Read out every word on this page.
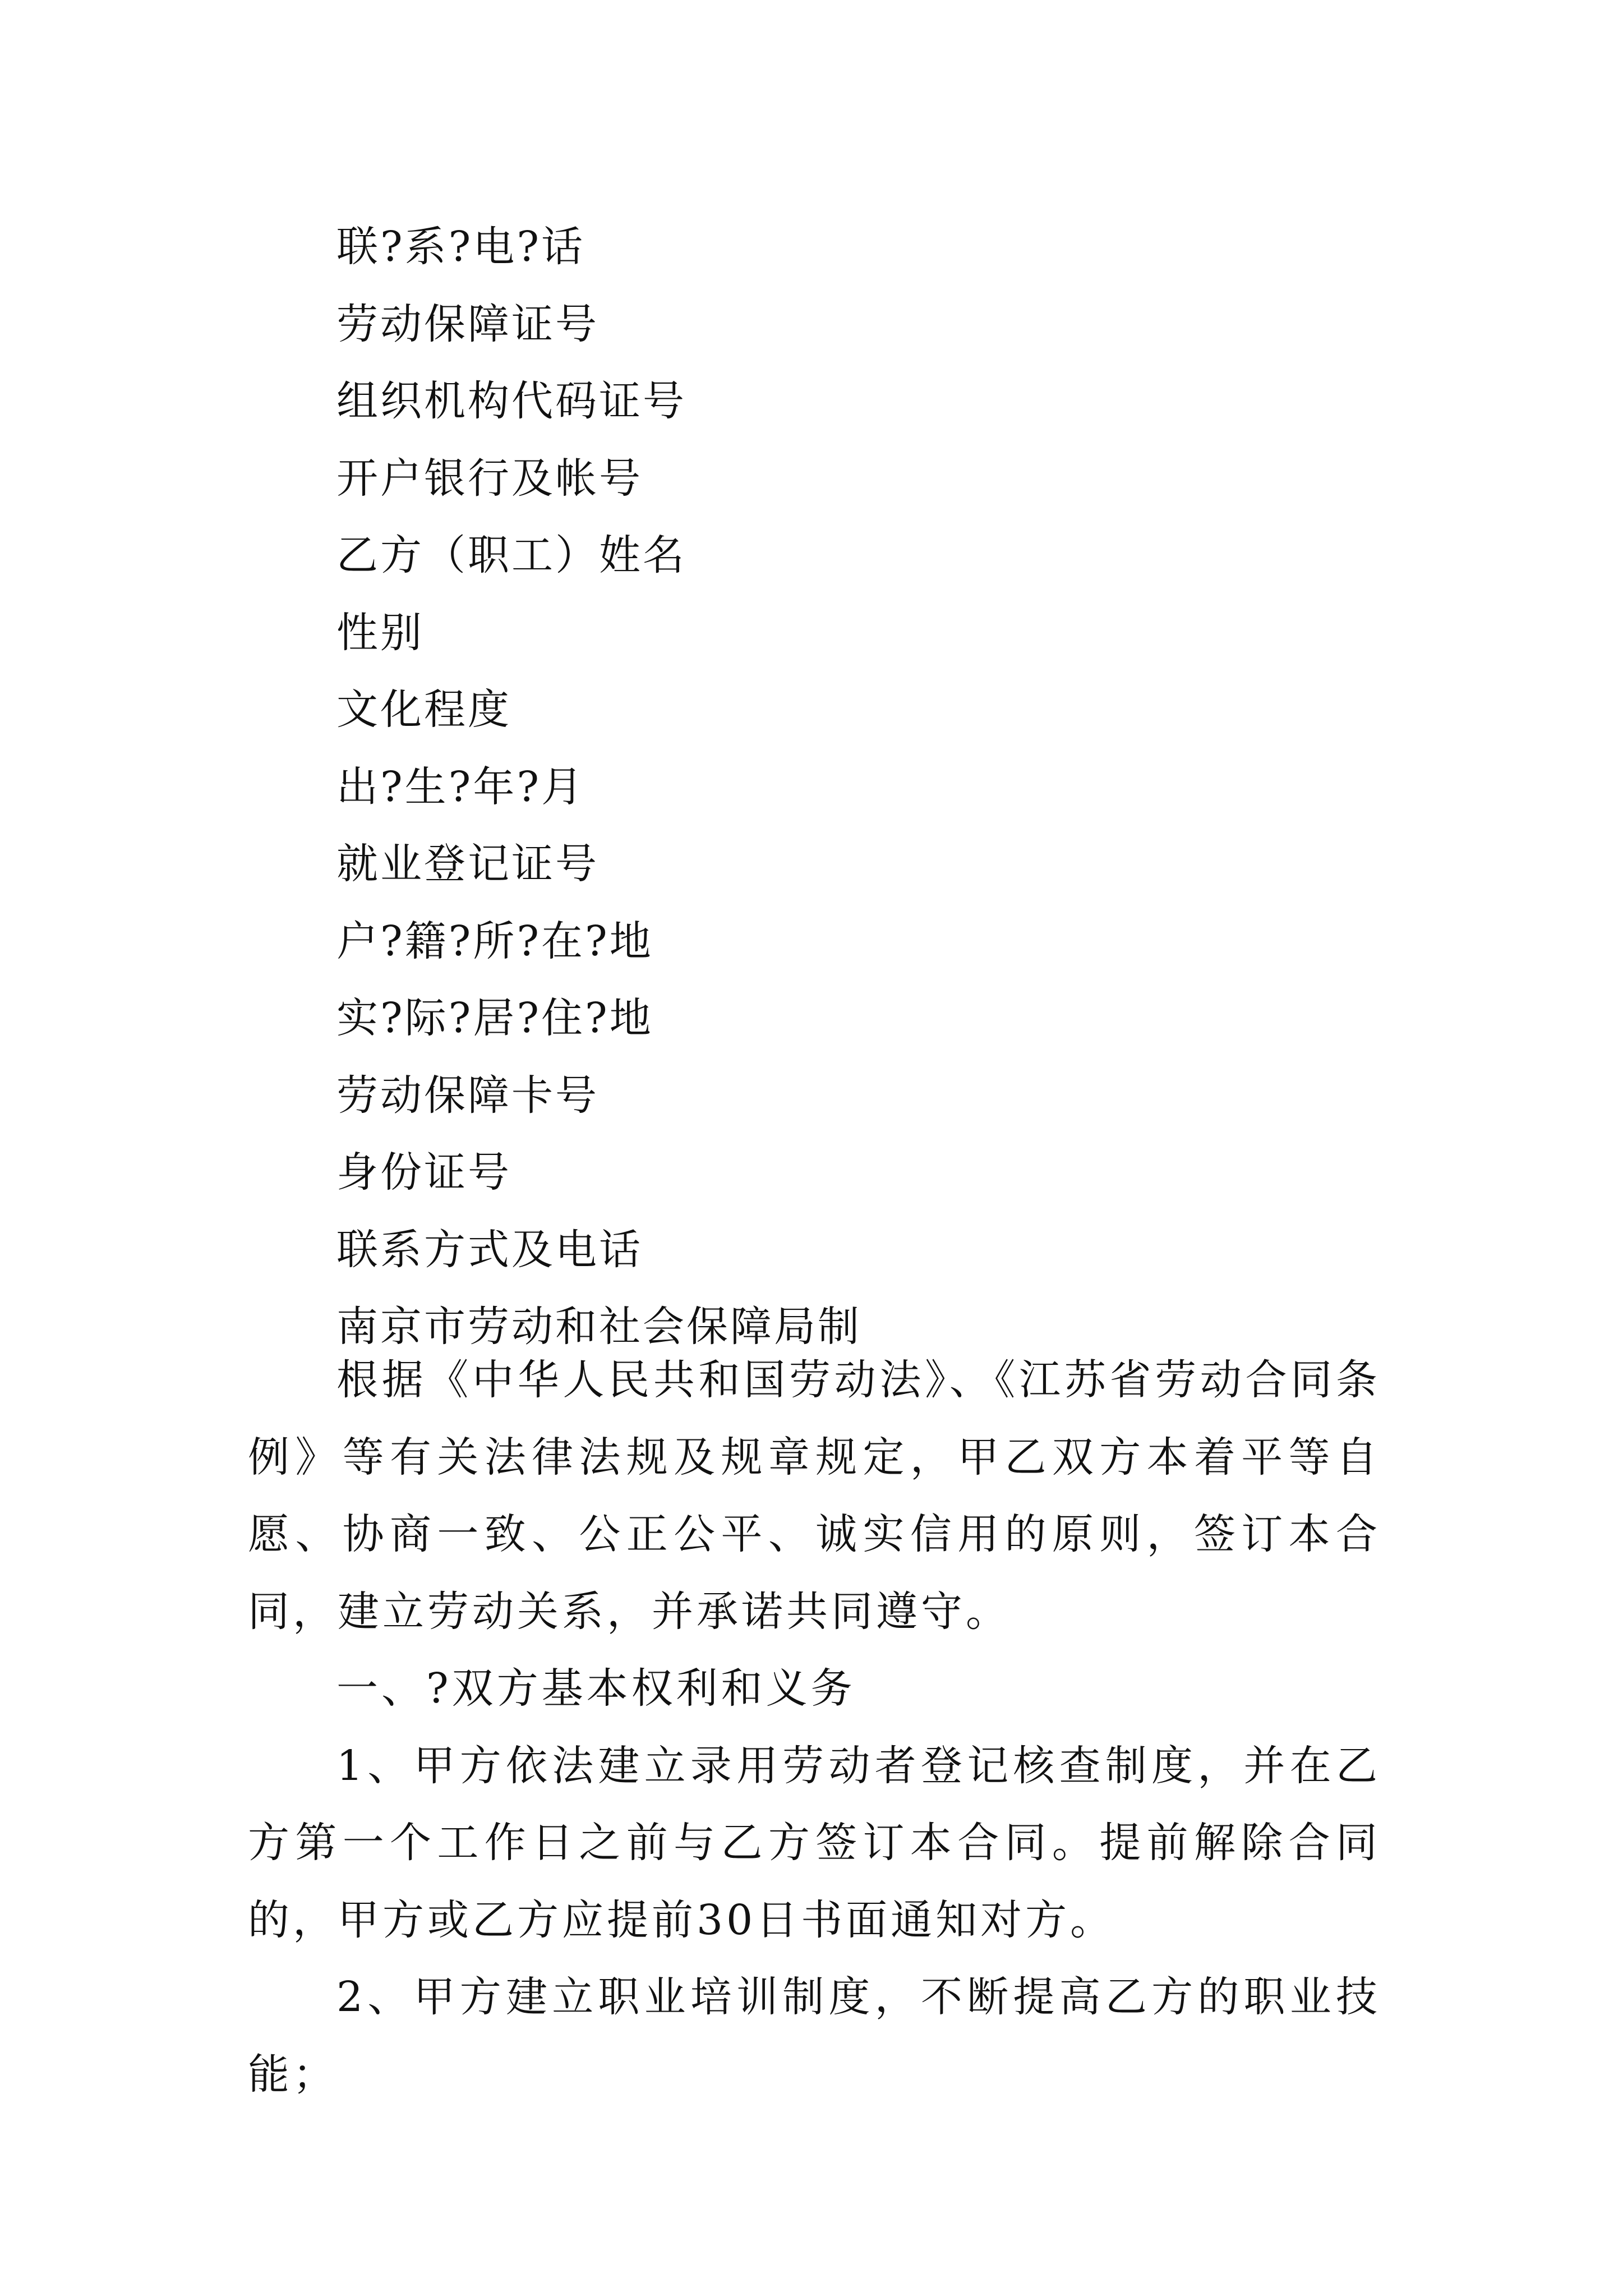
联?系?电?话
劳动保障证号
组织机构代码证号
开户银行及帐号
乙方（职工）姓名
性别
文化程度
出?生?年?月
就业登记证号
户?籍?所?在?地
实?际?居?住?地
劳动保障卡号
身份证号
联系方式及电话
南京市劳动和社会保障局制

根据《中华人民共和国劳动法》、《江苏省劳动合同条例》等有关法律法规及规章规定，甲乙双方本着平等自愿、协商一致、公正公平、诚实信用的原则，签订本合同，建立劳动关系，并承诺共同遵守。

一、?双方基本权利和义务

1、甲方依法建立录用劳动者登记核查制度，并在乙方第一个工作日之前与乙方签订本合同。提前解除合同的，甲方或乙方应提前30日书面通知对方。

2、甲方建立职业培训制度，不断提高乙方的职业技能；
